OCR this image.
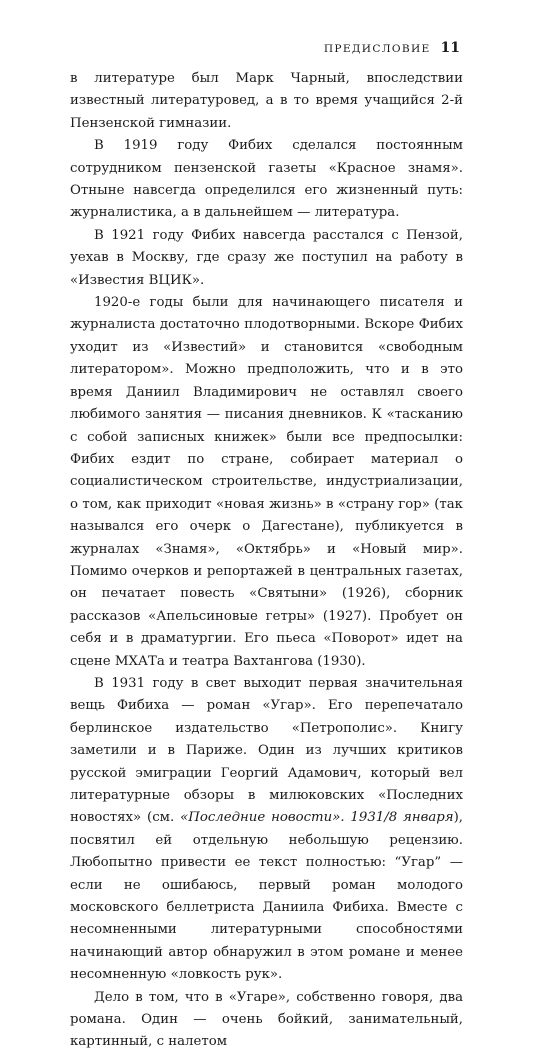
ПРЕДИСЛОВИЕ 11

в литературе был Марк Чарный, впоследствии известный литературовед, а в то время учащийся 2-й Пензенской гимназии.

В 1919 году Фибих сделался постоянным сотрудником пензенской газеты «Красное знамя». Отныне навсегда определился его жизненный путь: журналистика, а в дальнейшем — литература.

В 1921 году Фибих навсегда расстался с Пензой, уехав в Москву, где сразу же поступил на работу в «Известия ВЦИК».

1920-е годы были для начинающего писателя и журналиста достаточно плодотворными. Вскоре Фибих уходит из «Известий» и становится «свободным литератором». Можно предположить, что и в это время Даниил Владимирович не оставлял своего любимого занятия — писания дневников. К «тасканию с собой записных книжек» были все предпосылки: Фибих ездит по стране, собирает материал о социалистическом строительстве, индустриализации, о том, как приходит «новая жизнь» в «страну гор» (так назывался его очерк о Дагестане), публикуется в журналах «Знамя», «Октябрь» и «Новый мир». Помимо очерков и репортажей в центральных газетах, он печатает повесть «Святыни» (1926), сборник рассказов «Апельсиновые гетры» (1927). Пробует он себя и в драматургии. Его пьеса «Поворот» идет на сцене МХАТа и театра Вахтангова (1930).

В 1931 году в свет выходит первая значительная вещь Фибиха — роман «Угар». Его перепечатало берлинское издательство «Петрополис». Книгу заметили и в Париже. Один из лучших критиков русской эмиграции Георгий Адамович, который вел литературные обзоры в милюковских «Последних новостях» (см. «Последние новости». 1931/8 января), посвятил ей отдельную небольшую рецензию. Любопытно привести ее текст полностью: “Угар” — если не ошибаюсь, первый роман молодого московского беллетриста Даниила Фибиха. Вместе с несомненными литературными способностями начинающий автор обнаружил в этом романе и менее несомненную «ловкость рук».

Дело в том, что в «Угаре», собственно говоря, два романа. Один — очень бойкий, занимательный, картинный, с налетом
